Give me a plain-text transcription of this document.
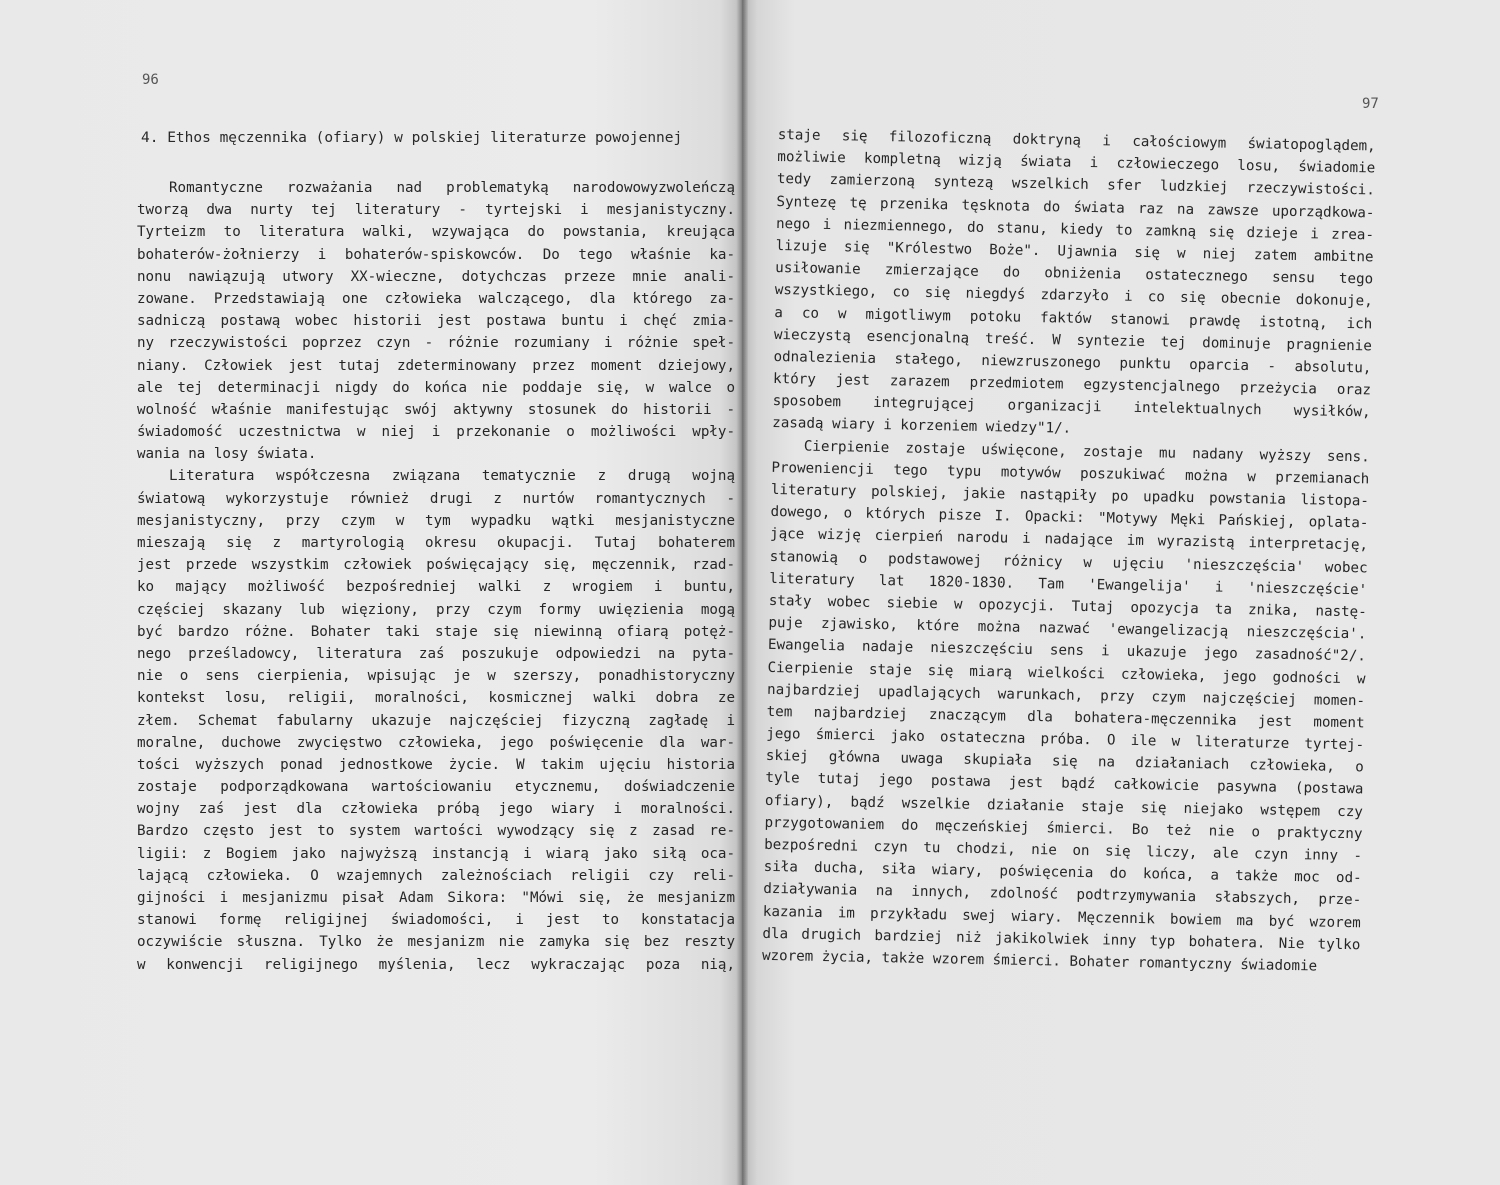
96
4. Ethos męczennika (ofiary) w polskiej literaturze powojennej
Romantyczne rozważania nad problematyką narodowowyzwoleńczą
tworzą dwa nurty tej literatury - tyrtejski i mesjanistyczny.
Tyrteizm to literatura walki, wzywająca do powstania, kreująca
bohaterów-żołnierzy i bohaterów-spiskowców. Do tego właśnie ka-
nonu nawiązują utwory XX-wieczne, dotychczas przeze mnie anali-
zowane. Przedstawiają one człowieka walczącego, dla którego za-
sadniczą postawą wobec historii jest postawa buntu i chęć zmia-
ny rzeczywistości poprzez czyn - różnie rozumiany i różnie speł-
niany. Człowiek jest tutaj zdeterminowany przez moment dziejowy,
ale tej determinacji nigdy do końca nie poddaje się, w walce o
wolność właśnie manifestując swój aktywny stosunek do historii -
świadomość uczestnictwa w niej i przekonanie o możliwości wpły-
wania na losy świata.
Literatura współczesna związana tematycznie z drugą wojną
światową wykorzystuje również drugi z nurtów romantycznych -
mesjanistyczny, przy czym w tym wypadku wątki mesjanistyczne
mieszają się z martyrologią okresu okupacji. Tutaj bohaterem
jest przede wszystkim człowiek poświęcający się, męczennik, rzad-
ko mający możliwość bezpośredniej walki z wrogiem i buntu,
częściej skazany lub więziony, przy czym formy uwięzienia mogą
być bardzo różne. Bohater taki staje się niewinną ofiarą potęż-
nego prześladowcy, literatura zaś poszukuje odpowiedzi na pyta-
nie o sens cierpienia, wpisując je w szerszy, ponadhistoryczny
kontekst losu, religii, moralności, kosmicznej walki dobra ze
złem. Schemat fabularny ukazuje najczęściej fizyczną zagładę i
moralne, duchowe zwycięstwo człowieka, jego poświęcenie dla war-
tości wyższych ponad jednostkowe życie. W takim ujęciu historia
zostaje podporządkowana wartościowaniu etycznemu, doświadczenie
wojny zaś jest dla człowieka próbą jego wiary i moralności.
Bardzo często jest to system wartości wywodzący się z zasad re-
ligii: z Bogiem jako najwyższą instancją i wiarą jako siłą oca-
lającą człowieka. O wzajemnych zależnościach religii czy reli-
gijności i mesjanizmu pisał Adam Sikora: "Mówi się, że mesjanizm
stanowi formę religijnej świadomości, i jest to konstatacja
oczywiście słuszna. Tylko że mesjanizm nie zamyka się bez reszty
w konwencji religijnego myślenia, lecz wykraczając poza nią,
97
staje się filozoficzną doktryną i całościowym światopoglądem,
możliwie kompletną wizją świata i człowieczego losu, świadomie
tedy zamierzoną syntezą wszelkich sfer ludzkiej rzeczywistości.
Syntezę tę przenika tęsknota do świata raz na zawsze uporządkowa-
nego i niezmiennego, do stanu, kiedy to zamkną się dzieje i zrea-
lizuje się "Królestwo Boże". Ujawnia się w niej zatem ambitne
usiłowanie zmierzające do obniżenia ostatecznego sensu tego
wszystkiego, co się niegdyś zdarzyło i co się obecnie dokonuje,
a co w migotliwym potoku faktów stanowi prawdę istotną, ich
wieczystą esencjonalną treść. W syntezie tej dominuje pragnienie
odnalezienia stałego, niewzruszonego punktu oparcia - absolutu,
który jest zarazem przedmiotem egzystencjalnego przeżycia oraz
sposobem integrującej organizacji intelektualnych wysiłków,
zasadą wiary i korzeniem wiedzy"1/.
Cierpienie zostaje uświęcone, zostaje mu nadany wyższy sens.
Proweniencji tego typu motywów poszukiwać można w przemianach
literatury polskiej, jakie nastąpiły po upadku powstania listopa-
dowego, o których pisze I. Opacki: "Motywy Męki Pańskiej, oplata-
jące wizję cierpień narodu i nadające im wyrazistą interpretację,
stanowią o podstawowej różnicy w ujęciu 'nieszczęścia' wobec
literatury lat 1820-1830. Tam 'Ewangelija' i 'nieszczęście'
stały wobec siebie w opozycji. Tutaj opozycja ta znika, nastę-
puje zjawisko, które można nazwać 'ewangelizacją nieszczęścia'.
Ewangelia nadaje nieszczęściu sens i ukazuje jego zasadność"2/.
Cierpienie staje się miarą wielkości człowieka, jego godności w
najbardziej upadlających warunkach, przy czym najczęściej momen-
tem najbardziej znaczącym dla bohatera-męczennika jest moment
jego śmierci jako ostateczna próba. O ile w literaturze tyrtej-
skiej główna uwaga skupiała się na działaniach człowieka, o
tyle tutaj jego postawa jest bądź całkowicie pasywna (postawa
ofiary), bądź wszelkie działanie staje się niejako wstępem czy
przygotowaniem do męczeńskiej śmierci. Bo też nie o praktyczny
bezpośredni czyn tu chodzi, nie on się liczy, ale czyn inny -
siła ducha, siła wiary, poświęcenia do końca, a także moc od-
działywania na innych, zdolność podtrzymywania słabszych, prze-
kazania im przykładu swej wiary. Męczennik bowiem ma być wzorem
dla drugich bardziej niż jakikolwiek inny typ bohatera. Nie tylko
wzorem życia, także wzorem śmierci. Bohater romantyczny świadomie
